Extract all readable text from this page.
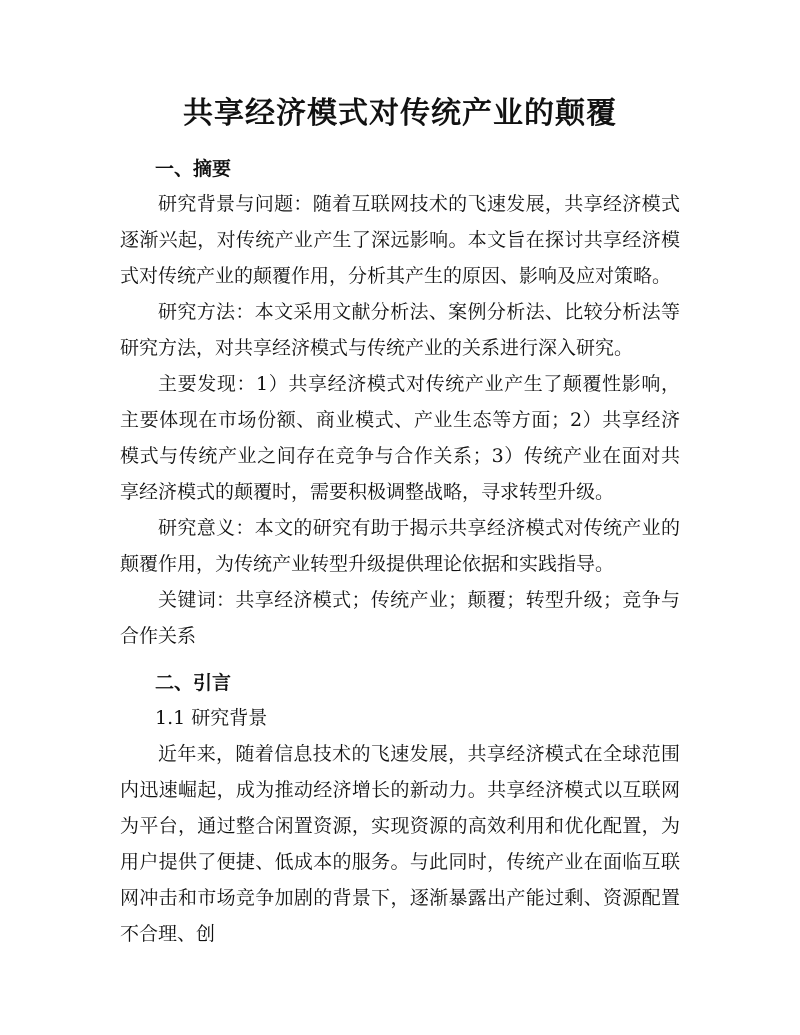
共享经济模式对传统产业的颠覆
一、摘要

研究背景与问题：随着互联网技术的飞速发展，共享经济模式逐渐兴起，对传统产业产生了深远影响。本文旨在探讨共享经济模式对传统产业的颠覆作用，分析其产生的原因、影响及应对策略。

研究方法：本文采用文献分析法、案例分析法、比较分析法等研究方法，对共享经济模式与传统产业的关系进行深入研究。

主要发现：1）共享经济模式对传统产业产生了颠覆性影响，主要体现在市场份额、商业模式、产业生态等方面；2）共享经济模式与传统产业之间存在竞争与合作关系；3）传统产业在面对共享经济模式的颠覆时，需要积极调整战略，寻求转型升级。

研究意义：本文的研究有助于揭示共享经济模式对传统产业的颠覆作用，为传统产业转型升级提供理论依据和实践指导。

关键词：共享经济模式；传统产业；颠覆；转型升级；竞争与合作关系

二、引言

1.1 研究背景

近年来，随着信息技术的飞速发展，共享经济模式在全球范围内迅速崛起，成为推动经济增长的新动力。共享经济模式以互联网为平台，通过整合闲置资源，实现资源的高效利用和优化配置，为用户提供了便捷、低成本的服务。与此同时，传统产业在面临互联网冲击和市场竞争加剧的背景下，逐渐暴露出产能过剩、资源配置不合理、创
